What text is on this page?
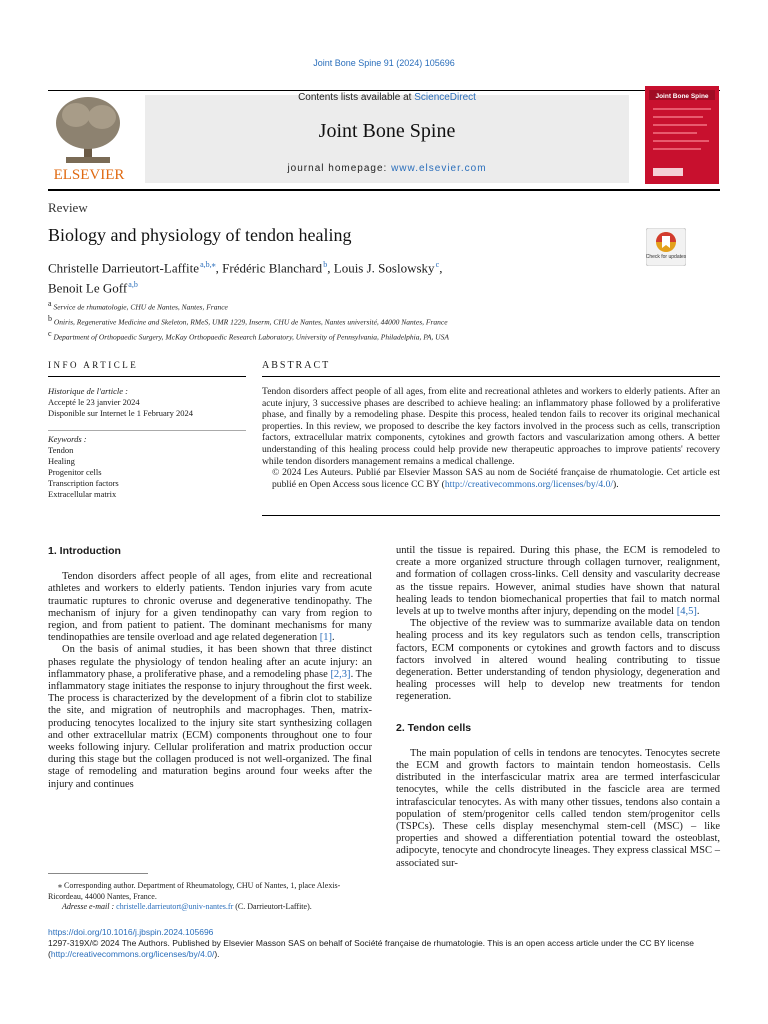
Joint Bone Spine 91 (2024) 105696
ELSEVIER
Contents lists available at ScienceDirect
Joint Bone Spine
journal homepage: www.elsevier.com
Joint Bone Spine
Review
Biology and physiology of tendon healing
Christelle Darrieutort-Laffite $^{a,b,⁎}$, Frédéric Blanchard $^b$, Louis J. Soslowsky $^c$,
Benoit Le Goff $^{a,b}$
Check for updates
$^a$ Service de rhumatologie, CHU de Nantes, Nantes, France
$^b$ Oniris, Regenerative Medicine and Skeleton, RMeS, UMR 1229, Inserm, CHU de Nantes, Nantes université, 44000 Nantes, France
$^c$ Department of Orthopaedic Surgery, McKay Orthopaedic Research Laboratory, University of Pennsylvania, Philadelphia, PA, USA
INFO ARTICLE	ABSTRACT
Historique de l'article :
Accepté le 23 janvier 2024
Disponible sur Internet le 1 February 2024
Keywords :
Tendon
Healing
Progenitor cells
Transcription factors
Extracellular matrix
Tendon disorders affect people of all ages, from elite and recreational athletes and workers to elderly patients. After an acute injury, 3 successive phases are described to achieve healing: an inflammatory phase followed by a proliferative phase, and finally by a remodeling phase. Despite this process, healed tendon fails to recover its original mechanical properties. In this review, we proposed to describe the key factors involved in the process such as cells, transcription factors, extracellular matrix components, cytokines and growth factors and vascularization among others. A better understanding of this healing process could help provide new therapeutic approaches to improve patients' recovery while tendon disorders management remains a medical challenge.
© 2024 Les Auteurs. Publié par Elsevier Masson SAS au nom de Société française de rhumatologie. Cet article est publié en Open Access sous licence CC BY (http://creativecommons.org/licenses/by/4.0/).
1. Introduction

Tendon disorders affect people of all ages, from elite and recreational athletes and workers to elderly patients. Tendon injuries vary from acute traumatic ruptures to chronic overuse and degenerative tendinopathy. The mechanism of injury for a given tendinopathy can vary from region to region, and from patient to patient. The dominant mechanisms for many tendinopathies are tensile overload and age related degeneration [1].

On the basis of animal studies, it has been shown that three distinct phases regulate the physiology of tendon healing after an acute injury: an inflammatory phase, a proliferative phase, and a remodeling phase [2,3]. The inflammatory stage initiates the response to injury throughout the first week. The process is characterized by the development of a fibrin clot to stabilize the site, and migration of neutrophils and macrophages. Then, matrix-producing tenocytes localized to the injury site start synthesizing collagen and other extracellular matrix (ECM) components throughout one to four weeks following injury. Cellular proliferation and matrix production occur during this stage but the collagen produced is not well-organized. The final stage of remodeling and maturation begins around four weeks after the injury and continues

until the tissue is repaired. During this phase, the ECM is remodeled to create a more organized structure through collagen turnover, realignment, and formation of collagen cross-links. Cell density and vascularity decrease as the tissue repairs. However, animal studies have shown that natural healing leads to tendon biomechanical properties that fail to match normal levels at up to twelve months after injury, depending on the model [4,5].

The objective of the review was to summarize available data on tendon healing process and its key regulators such as tendon cells, transcription factors, ECM components or cytokines and growth factors and to discuss factors involved in altered wound healing contributing to tissue degeneration. Better understanding of tendon physiology, degeneration and healing processes will help to develop new treatments for tendon regeneration.

2. Tendon cells

The main population of cells in tendons are tenocytes. Tenocytes secrete the ECM and growth factors to maintain tendon homeostasis. Cells distributed in the interfascicular matrix area are termed interfascicular tenocytes, while the cells distributed in the fascicle area are termed intrafascicular tenocytes. As with many other tissues, tendons also contain a population of stem/progenitor cells called tendon stem/progenitor cells (TSPCs). These cells display mesenchymal stem-cell (MSC) – like properties and showed a differentiation potential toward the osteoblast, adipocyte, tenocyte and chondrocyte lineages. They express classical MSC – associated sur-

⁎ Corresponding author. Department of Rheumatology, CHU of Nantes, 1, place Alexis-Ricordeau, 44000 Nantes, France.
Adresse e-mail : christelle.darrieutort@univ-nantes.fr (C. Darrieutort-Laffite).
https://doi.org/10.1016/j.jbspin.2024.105696
1297-319X/© 2024 The Authors. Published by Elsevier Masson SAS on behalf of Société française de rhumatologie. This is an open access article under the CC BY license (http://creativecommons.org/licenses/by/4.0/).
